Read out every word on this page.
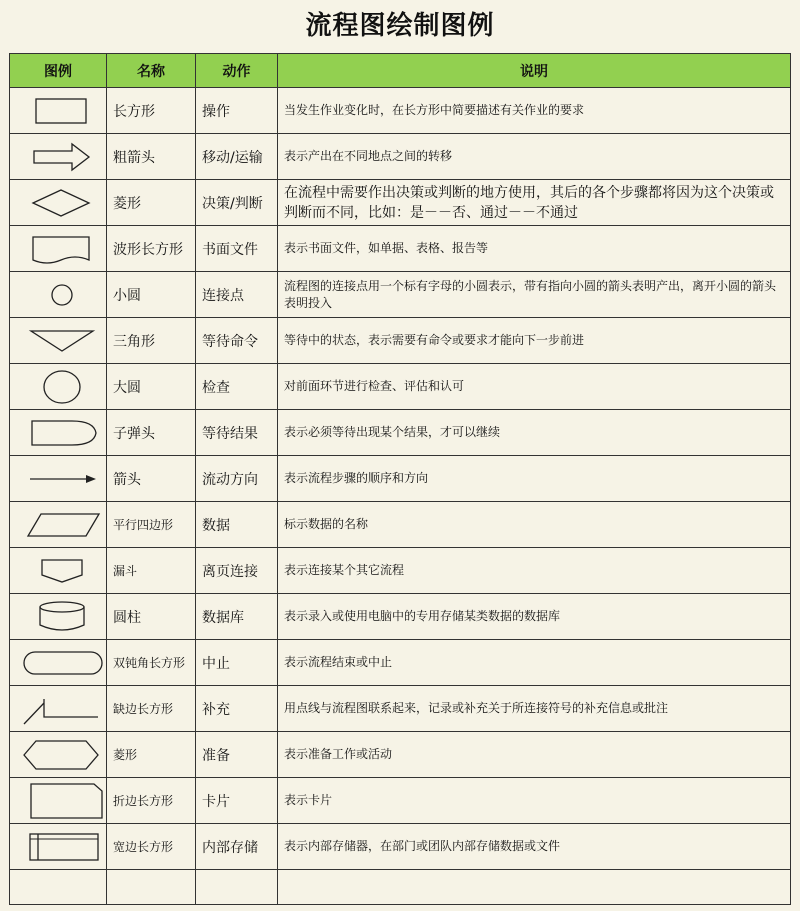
流程图绘制图例
图例	名称	动作	说明

	长方形	操作	当发生作业变化时，在长方形中简要描述有关作业的要求

	粗箭头	移动/运输	表示产出在不同地点之间的转移

	菱形	决策/判断	在流程中需要作出决策或判断的地方使用，其后的各个步骤都将因为这个决策或判断而不同，比如：是－－否、通过－－不通过

	波形长方形	书面文件	表示书面文件，如单据、表格、报告等

	小圆	连接点	流程图的连接点用一个标有字母的小圆表示，带有指向小圆的箭头表明产出，离开小圆的箭头表明投入

	三角形	等待命令	等待中的状态，表示需要有命令或要求才能向下一步前进

	大圆	检查	对前面环节进行检查、评估和认可

	子弹头	等待结果	表示必须等待出现某个结果，才可以继续

	箭头	流动方向	表示流程步骤的顺序和方向

	平行四边形	数据	标示数据的名称

	漏斗	离页连接	表示连接某个其它流程

	圆柱	数据库	表示录入或使用电脑中的专用存储某类数据的数据库

	双钝角长方形	中止	表示流程结束或中止

	缺边长方形	补充	用点线与流程图联系起来，记录或补充关于所连接符号的补充信息或批注

	菱形	准备	表示准备工作或活动

	折边长方形	卡片	表示卡片

	宽边长方形	内部存储	表示内部存储器，在部门或团队内部存储数据或文件
